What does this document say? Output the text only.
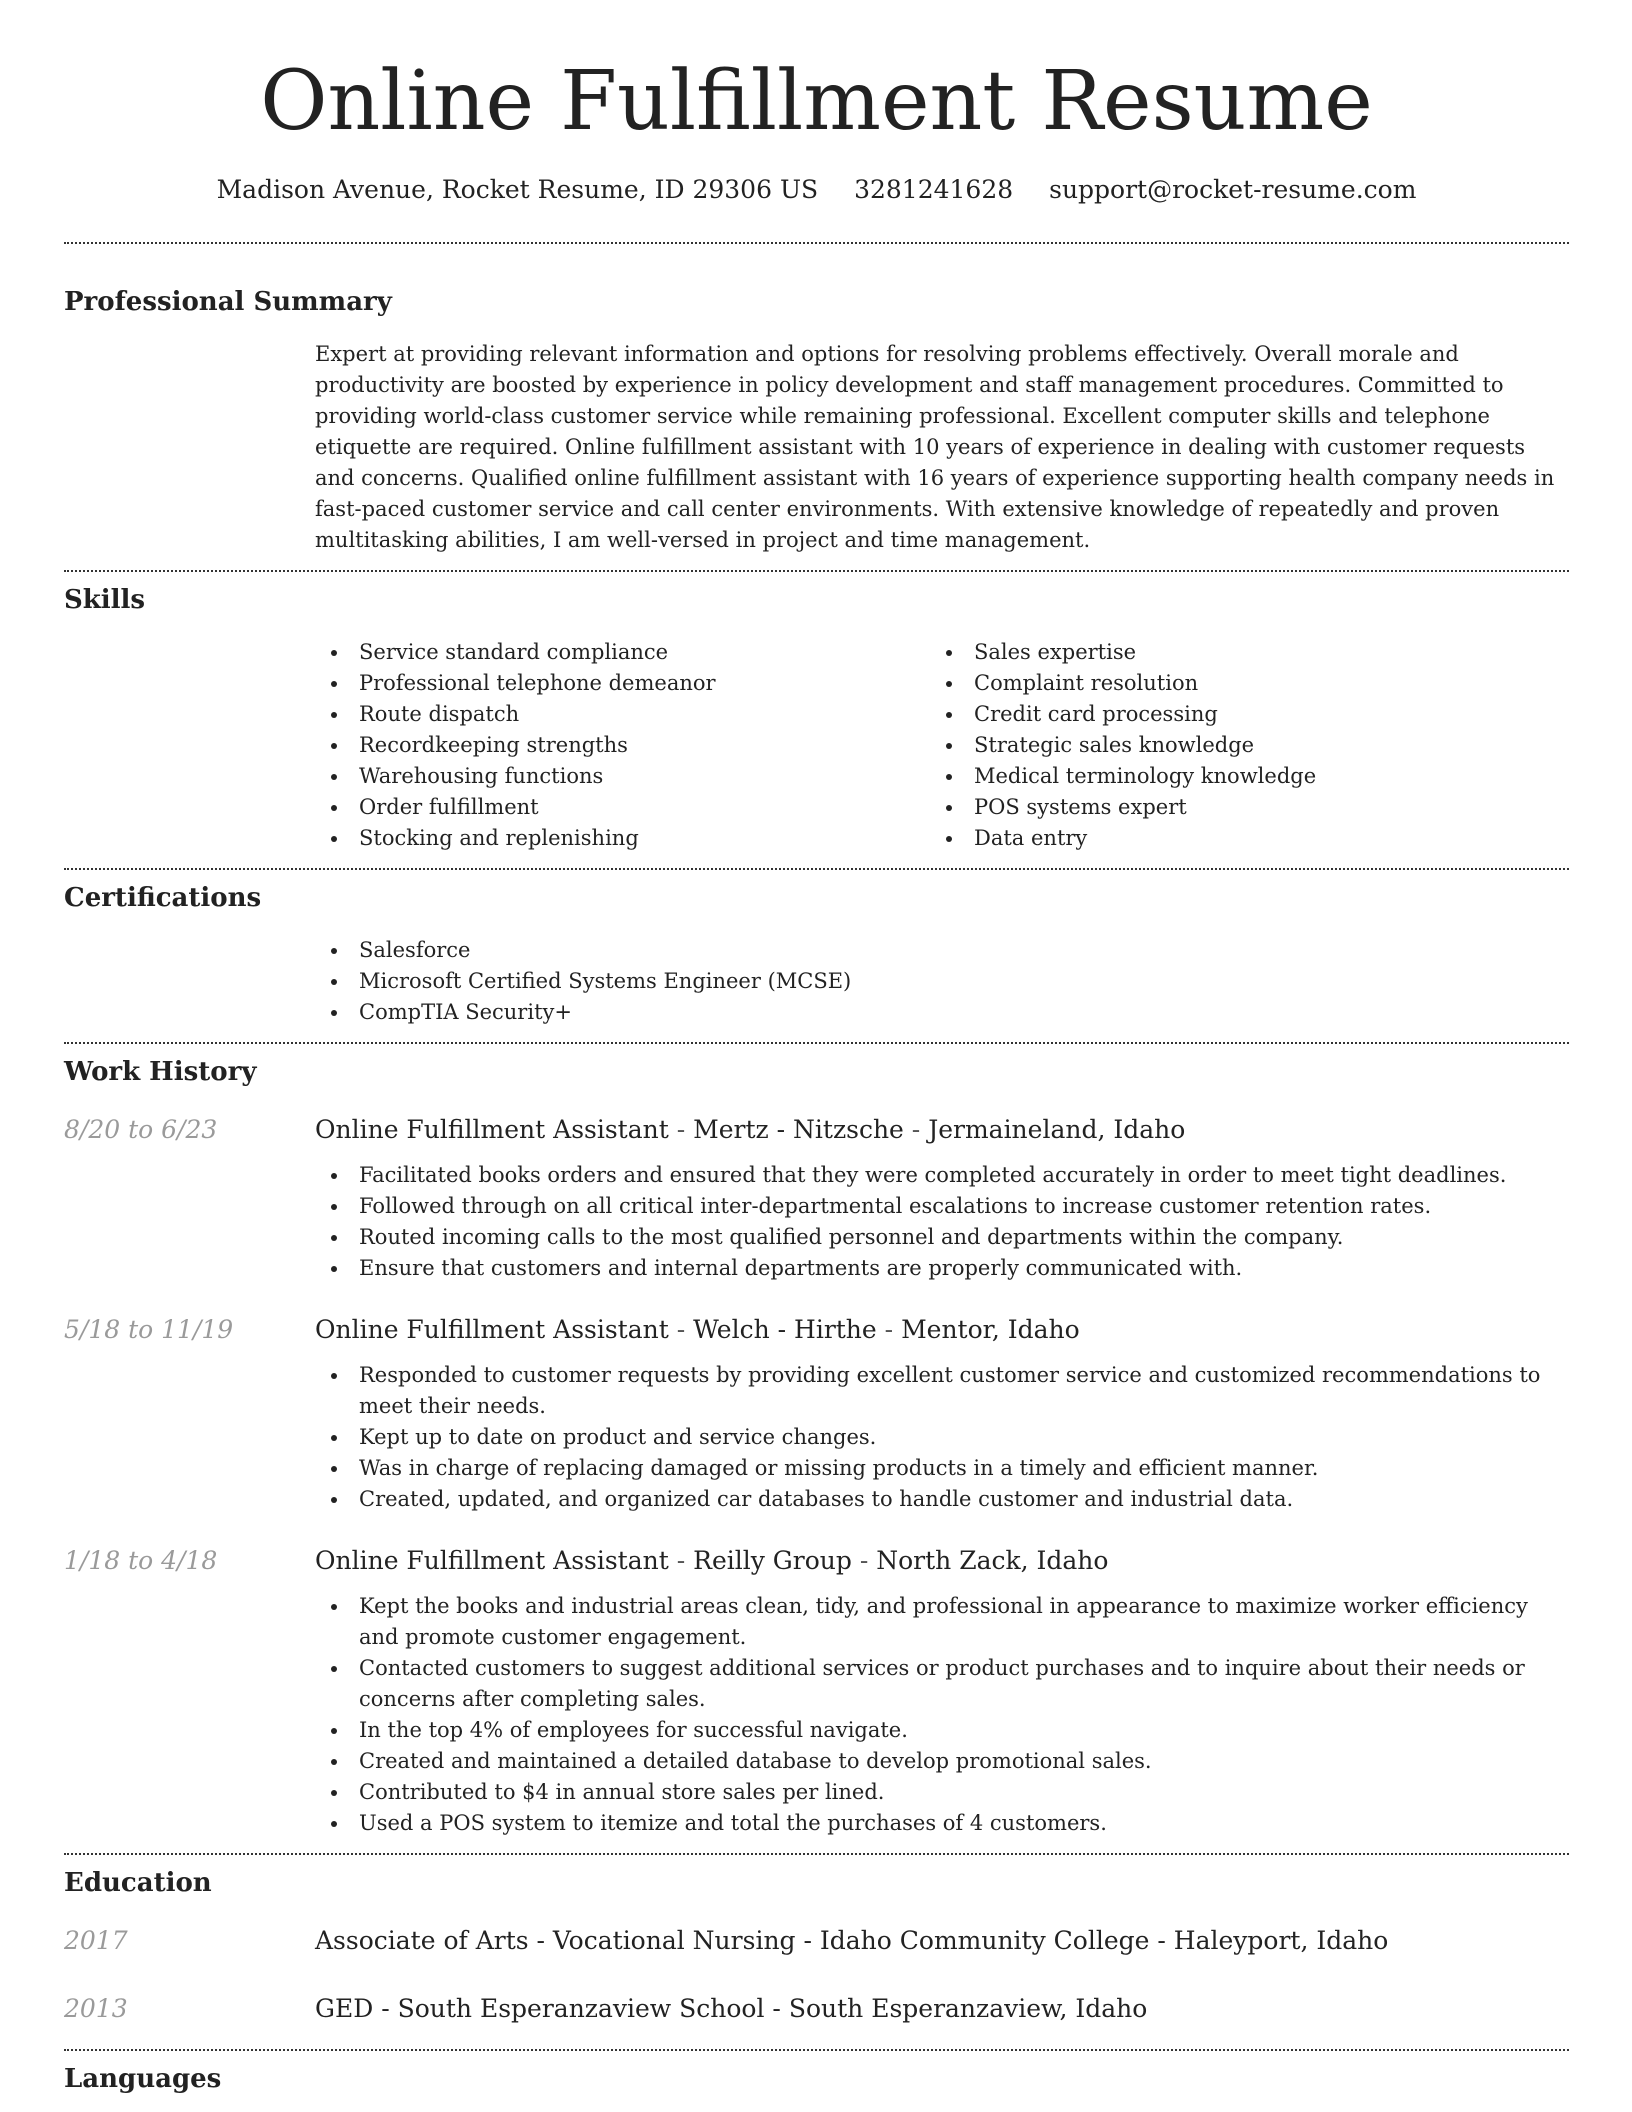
Online Fulfillment Resume
Madison Avenue, Rocket Resume, ID 29306 US 3281241628 support@rocket-resume.com
Professional Summary
Expert at providing relevant information and options for resolving problems effectively. Overall morale and productivity are boosted by experience in policy development and staff management procedures. Committed to providing world-class customer service while remaining professional. Excellent computer skills and telephone etiquette are required. Online fulfillment assistant with 10 years of experience in dealing with customer requests and concerns. Qualified online fulfillment assistant with 16 years of experience supporting health company needs in fast-paced customer service and call center environments. With extensive knowledge of repeatedly and proven multitasking abilities, I am well-versed in project and time management.
Skills
Service standard compliance
Professional telephone demeanor
Route dispatch
Recordkeeping strengths
Warehousing functions
Order fulfillment
Stocking and replenishing
Sales expertise
Complaint resolution
Credit card processing
Strategic sales knowledge
Medical terminology knowledge
POS systems expert
Data entry
Certifications
Salesforce
Microsoft Certified Systems Engineer (MCSE)
CompTIA Security+
Work History
8/20 to 6/23	Online Fulfillment Assistant - Mertz - Nitzsche - Jermaineland, Idaho
Facilitated books orders and ensured that they were completed accurately in order to meet tight deadlines.
Followed through on all critical inter-departmental escalations to increase customer retention rates.
Routed incoming calls to the most qualified personnel and departments within the company.
Ensure that customers and internal departments are properly communicated with.
5/18 to 11/19	Online Fulfillment Assistant - Welch - Hirthe - Mentor, Idaho
Responded to customer requests by providing excellent customer service and customized recommendations to meet their needs.
Kept up to date on product and service changes.
Was in charge of replacing damaged or missing products in a timely and efficient manner.
Created, updated, and organized car databases to handle customer and industrial data.
1/18 to 4/18	Online Fulfillment Assistant - Reilly Group - North Zack, Idaho
Kept the books and industrial areas clean, tidy, and professional in appearance to maximize worker efficiency and promote customer engagement.
Contacted customers to suggest additional services or product purchases and to inquire about their needs or concerns after completing sales.
In the top 4% of employees for successful navigate.
Created and maintained a detailed database to develop promotional sales.
Contributed to $4 in annual store sales per lined.
Used a POS system to itemize and total the purchases of 4 customers.
Education
2017	Associate of Arts - Vocational Nursing - Idaho Community College - Haleyport, Idaho
2013	GED - South Esperanzaview School - South Esperanzaview, Idaho
Languages
